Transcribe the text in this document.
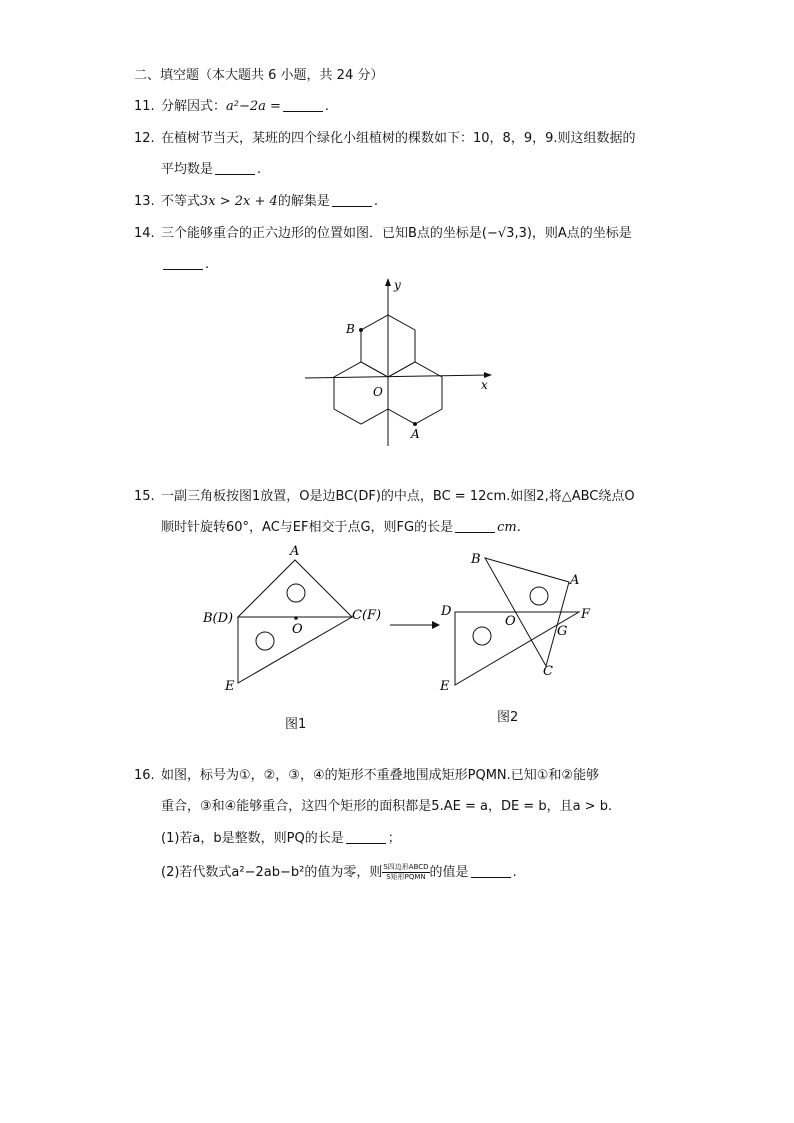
二、填空题（本大题共 6 小题，共 24 分）
11. 分解因式：a²−2a =	.
12. 在植树节当天，某班的四个绿化小组植树的棵数如下：10，8，9，9.则这组数据的
平均数是	.
13. 不等式3x > 2x + 4的解集是	.
14. 三个能够重合的正六边形的位置如图．已知B点的坐标是(−√3,3)，则A点的坐标是
.
y
x
O
B
A
15. 一副三角板按图1放置，O是边BC(DF)的中点，BC = 12cm.如图2,将△ABC绕点O
顺时针旋转60°，AC与EF相交于点G，则FG的长是	cm.
A
B(D)	C(F)
O
E
图1
B
A
D	F
O
G
C
E
图2
16. 如图，标号为①，②，③，④的矩形不重叠地围成矩形PQMN.已知①和②能够
重合，③和④能够重合，这四个矩形的面积都是5.AE = a，DE = b，且a > b.
(1)若a，b是整数，则PQ的长是	；
(2)若代数式a²−2ab−b²的值为零，则 $\frac{\text{S四边形ABCD}}{\text{S矩形PQMN}}$ 的值是	.
